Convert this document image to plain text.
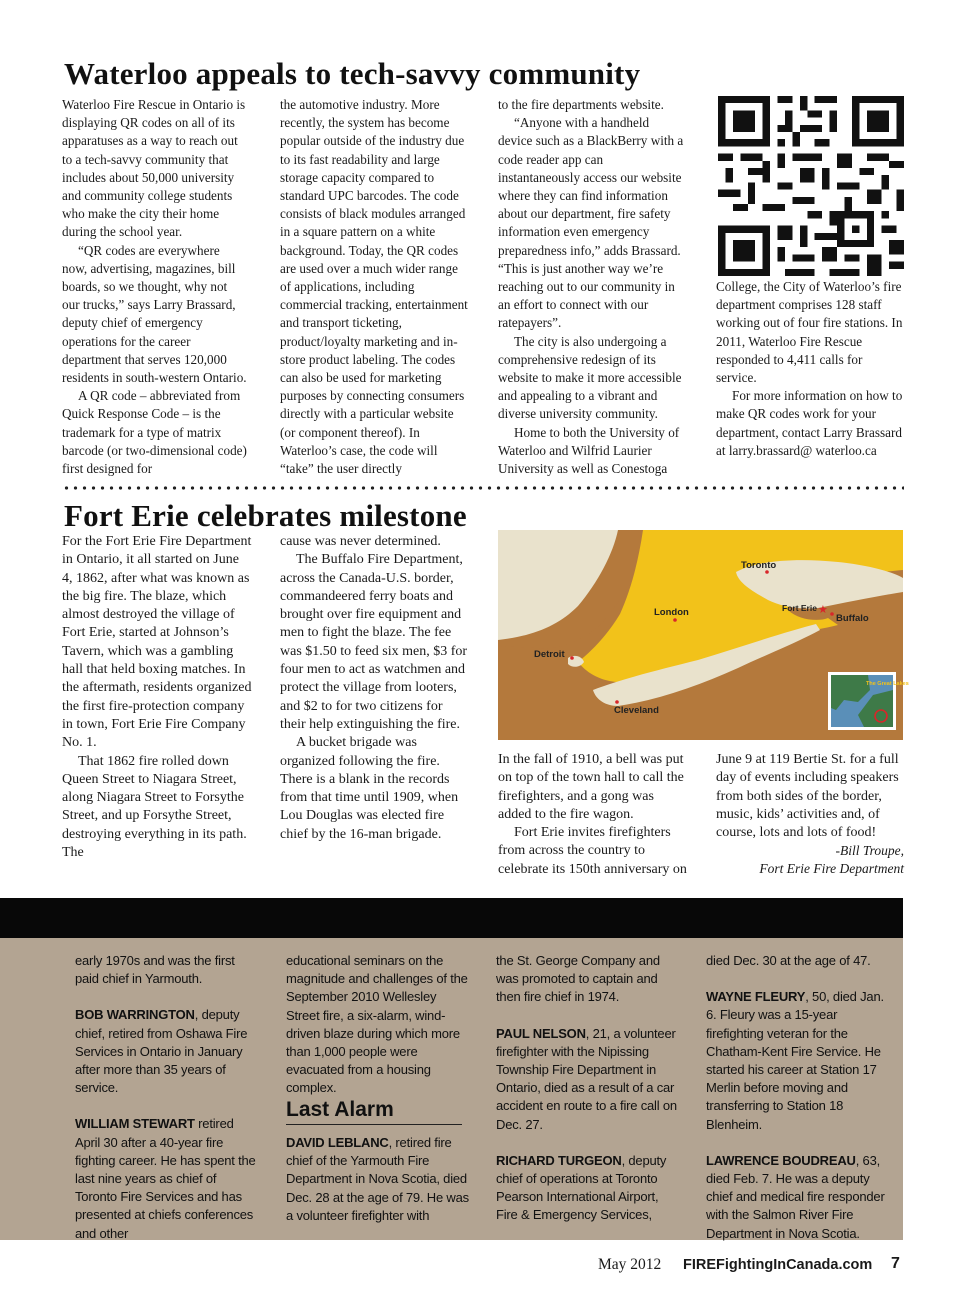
Waterloo appeals to tech-savvy community

Waterloo Fire Rescue in Ontario is displaying QR codes on all of its apparatuses as a way to reach out to a tech-savvy community that includes about 50,000 university and community college students who make the city their home during the school year.

“QR codes are everywhere now, advertising, magazines, bill boards, so we thought, why not our trucks,” says Larry Brassard, deputy chief of emergency operations for the career department that serves 120,000 residents in south-western Ontario.

A QR code – abbreviated from Quick Response Code – is the trademark for a type of matrix barcode (or two-dimensional code) first designed for

the automotive industry. More recently, the system has become popular outside of the industry due to its fast readability and large storage capacity compared to standard UPC barcodes. The code consists of black modules arranged in a square pattern on a white background. Today, the QR codes are used over a much wider range of applications, including commercial tracking, entertainment and transport ticketing, product/loyalty marketing and in-store product labeling. The codes can also be used for marketing purposes by connecting consumers directly with a particular website (or component thereof). In Waterloo’s case, the code will “take” the user directly

to the fire departments website.

“Anyone with a handheld device such as a BlackBerry with a code reader app can instantaneously access our website where they can find information about our department, fire safety information even emergency preparedness info,” adds Brassard. “This is just another way we’re reaching out to our community in an effort to connect with our ratepayers”.

The city is also undergoing a comprehensive redesign of its website to make it more accessible and appealing to a vibrant and diverse university community.

Home to both the University of Waterloo and Wilfrid Laurier University as well as Conestoga

College, the City of Waterloo’s fire department comprises 128 staff working out of four fire stations. In 2011, Waterloo Fire Rescue responded to 4,411 calls for service.

For more information on how to make QR codes work for your department, contact Larry Brassard at larry.brassard@ waterloo.ca

Fort Erie celebrates milestone

For the Fort Erie Fire Department in Ontario, it all started on June 4, 1862, after what was known as the big fire. The blaze, which almost destroyed the village of Fort Erie, started at Johnson’s Tavern, which was a gambling hall that held boxing matches. In the aftermath, residents organized the first fire-protection company in town, Fort Erie Fire Company No. 1.

That 1862 fire rolled down Queen Street to Niagara Street, along Niagara Street to Forsythe Street, and up Forsythe Street, destroying everything in its path. The

cause was never determined.

The Buffalo Fire Department, across the Canada-U.S. border, commandeered ferry boats and brought over fire equipment and men to fight the blaze. The fee was $1.50 to feed six men, $3 for four men to act as watchmen and protect the village from looters, and $2 to for two citizens for their help extinguishing the fire.

A bucket brigade was organized following the fire. There is a blank in the records from that time until 1909, when Lou Douglas was elected fire chief by the 16-man brigade.

★
Toronto
London	Fort Erie
Buffalo
Detroit
Cleveland
The Great Lakes

In the fall of 1910, a bell was put on top of the town hall to call the firefighters, and a gong was added to the fire wagon.

Fort Erie invites firefighters from across the country to celebrate its 150th anniversary on

June 9 at 119 Bertie St. for a full day of events including speakers from both sides of the border, music, kids’ activities and, of course, lots and lots of food!

-Bill Troupe,
Fort Erie Fire Department

early 1970s and was the first paid chief in Yarmouth.

BOB WARRINGTON, deputy chief, retired from Oshawa Fire Services in Ontario in January after more than 35 years of service.

WILLIAM STEWART retired April 30 after a 40-year fire fighting career. He has spent the last nine years as chief of Toronto Fire Services and has presented at chiefs conferences and other

educational seminars on the magnitude and challenges of the September 2010 Wellesley Street fire, a six-alarm, wind-driven blaze during which more than 1,000 people were evacuated from a housing complex.

Last Alarm

DAVID LEBLANC, retired fire chief of the Yarmouth Fire Department in Nova Scotia, died Dec. 28 at the age of 79. He was a volunteer firefighter with

the St. George Company and was promoted to captain and then fire chief in 1974.

PAUL NELSON, 21, a volunteer firefighter with the Nipissing Township Fire Department in Ontario, died as a result of a car accident en route to a fire call on Dec. 27.

RICHARD TURGEON, deputy chief of operations at Toronto Pearson International Airport, Fire & Emergency Services,

died Dec. 30 at the age of 47.

WAYNE FLEURY, 50, died Jan. 6. Fleury was a 15-year firefighting veteran for the Chatham-Kent Fire Service. He started his career at Station 17 Merlin before moving and transferring to Station 18 Blenheim.

LAWRENCE BOUDREAU, 63, died Feb. 7. He was a deputy chief and medical fire responder with the Salmon River Fire Department in Nova Scotia.

May 2012 FIREFightingInCanada.com 7
